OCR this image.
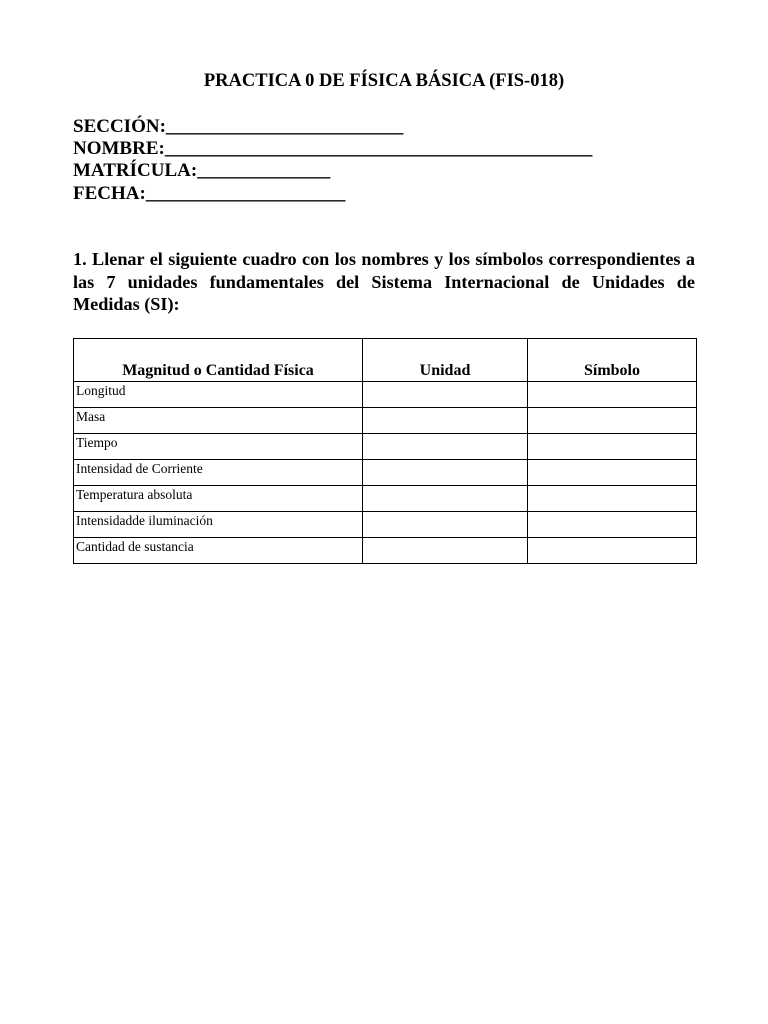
PRACTICA 0 DE FÍSICA BÁSICA (FIS-018)
SECCIÓN:_________________________
NOMBRE:_____________________________________________
MATRÍCULA:______________
FECHA:_____________________

1. Llenar el siguiente cuadro con los nombres y los símbolos correspondientes a las 7 unidades fundamentales del Sistema Internacional de Unidades de Medidas (SI):

Magnitud o Cantidad Física	Unidad	Símbolo
Longitud		
Masa		
Tiempo		
Intensidad de Corriente		
Temperatura absoluta		
Intensidadde iluminación		
Cantidad de sustancia		
